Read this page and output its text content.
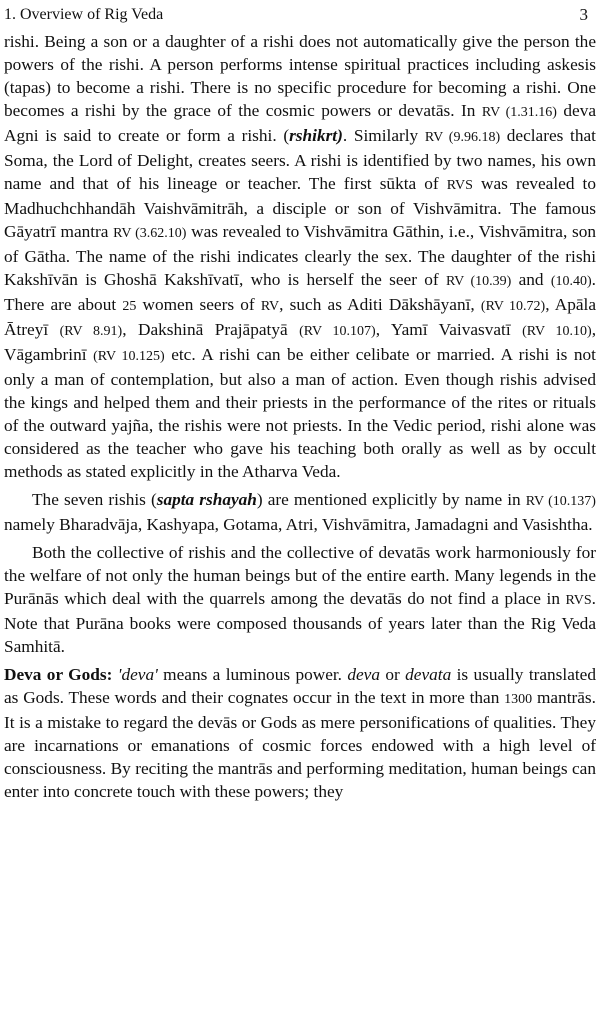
1. Overview of Rig Veda	3

rishi. Being a son or a daughter of a rishi does not automatically give the person the powers of the rishi. A person performs intense spiritual practices including askesis (tapas) to become a rishi. There is no specific procedure for becoming a rishi. One becomes a rishi by the grace of the cosmic powers or devatās. In RV (1.31.16) deva Agni is said to create or form a rishi. (rshikrt). Similarly RV (9.96.18) declares that Soma, the Lord of Delight, creates seers. A rishi is identified by two names, his own name and that of his lineage or teacher. The first sūkta of RVS was revealed to Madhuchchhandāh Vaishvāmitrāh, a disciple or son of Vishvāmitra. The famous Gāyatrī mantra RV (3.62.10) was revealed to Vishvāmitra Gāthin, i.e., Vishvāmitra, son of Gātha. The name of the rishi indicates clearly the sex. The daughter of the rishi Kakshīvān is Ghoshā Kakshīvatī, who is herself the seer of RV (10.39) and (10.40). There are about 25 women seers of RV, such as Aditi Dākshāyanī, (RV 10.72), Apāla Ātreyī (RV 8.91), Dakshinā Prajāpatyā (RV 10.107), Yamī Vaivasvatī (RV 10.10), Vāgambrinī (RV 10.125) etc. A rishi can be either celibate or married. A rishi is not only a man of contemplation, but also a man of action. Even though rishis advised the kings and helped them and their priests in the performance of the rites or rituals of the outward yajña, the rishis were not priests. In the Vedic period, rishi alone was considered as the teacher who gave his teaching both orally as well as by occult methods as stated explicitly in the Atharva Veda.

The seven rishis (sapta rshayah) are mentioned explicitly by name in RV (10.137) namely Bharadvāja, Kashyapa, Gotama, Atri, Vishvāmitra, Jamadagni and Vasishtha.

Both the collective of rishis and the collective of devatās work harmoniously for the welfare of not only the human beings but of the entire earth. Many legends in the Purānās which deal with the quarrels among the devatās do not find a place in RVS. Note that Purāna books were composed thousands of years later than the Rig Veda Samhitā.

Deva or Gods: 'deva' means a luminous power. deva or devata is usually translated as Gods. These words and their cognates occur in the text in more than 1300 mantrās. It is a mistake to regard the devās or Gods as mere personifications of qualities. They are incarnations or emanations of cosmic forces endowed with a high level of consciousness. By reciting the mantrās and performing meditation, human beings can enter into concrete touch with these powers; they
